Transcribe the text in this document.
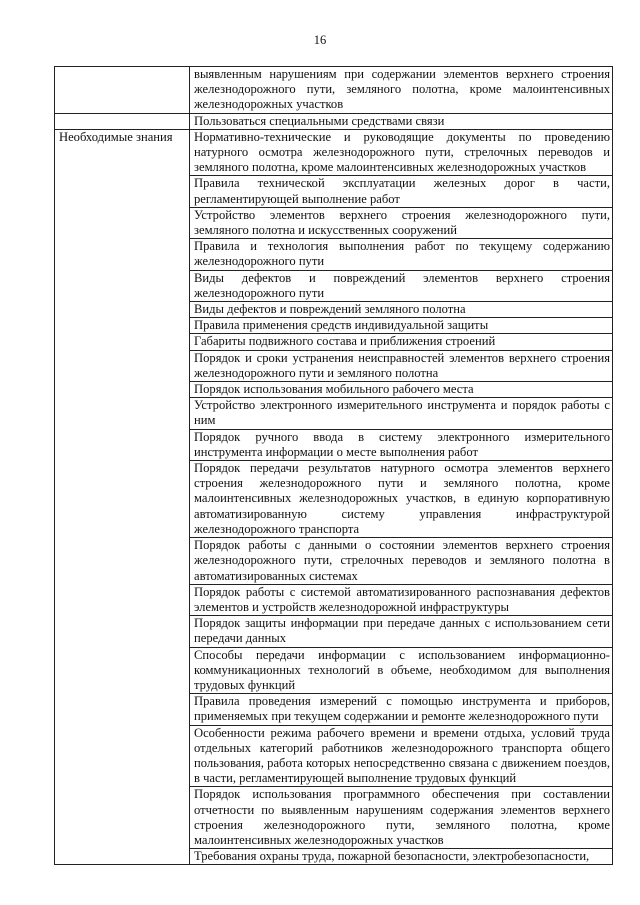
16
	выявленным нарушениям при содержании элементов верхнего строения железнодорожного пути, земляного полотна, кроме малоинтенсивных железнодорожных участков
	Пользоваться специальными средствами связи
Необходимые знания	Нормативно-технические и руководящие документы по проведению натурного осмотра железнодорожного пути, стрелочных переводов и земляного полотна, кроме малоинтенсивных железнодорожных участков
	Правила технической эксплуатации железных дорог в части, регламентирующей выполнение работ
	Устройство элементов верхнего строения железнодорожного пути, земляного полотна и искусственных сооружений
	Правила и технология выполнения работ по текущему содержанию железнодорожного пути
	Виды дефектов и повреждений элементов верхнего строения железнодорожного пути
	Виды дефектов и повреждений земляного полотна
	Правила применения средств индивидуальной защиты
	Габариты подвижного состава и приближения строений
	Порядок и сроки устранения неисправностей элементов верхнего строения железнодорожного пути и земляного полотна
	Порядок использования мобильного рабочего места
	Устройство электронного измерительного инструмента и порядок работы с ним
	Порядок ручного ввода в систему электронного измерительного инструмента информации о месте выполнения работ
	Порядок передачи результатов натурного осмотра элементов верхнего строения железнодорожного пути и земляного полотна, кроме малоинтенсивных железнодорожных участков, в единую корпоративную автоматизированную систему управления инфраструктурой железнодорожного транспорта
	Порядок работы с данными о состоянии элементов верхнего строения железнодорожного пути, стрелочных переводов и земляного полотна в автоматизированных системах
	Порядок работы с системой автоматизированного распознавания дефектов элементов и устройств железнодорожной инфраструктуры
	Порядок защиты информации при передаче данных с использованием сети передачи данных
	Способы передачи информации с использованием информационно-коммуникационных технологий в объеме, необходимом для выполнения трудовых функций
	Правила проведения измерений с помощью инструмента и приборов, применяемых при текущем содержании и ремонте железнодорожного пути
	Особенности режима рабочего времени и времени отдыха, условий труда отдельных категорий работников железнодорожного транспорта общего пользования, работа которых непосредственно связана с движением поездов, в части, регламентирующей выполнение трудовых функций
	Порядок использования программного обеспечения при составлении отчетности по выявленным нарушениям содержания элементов верхнего строения железнодорожного пути, земляного полотна, кроме малоинтенсивных железнодорожных участков
	Требования охраны труда, пожарной безопасности, электробезопасности,
